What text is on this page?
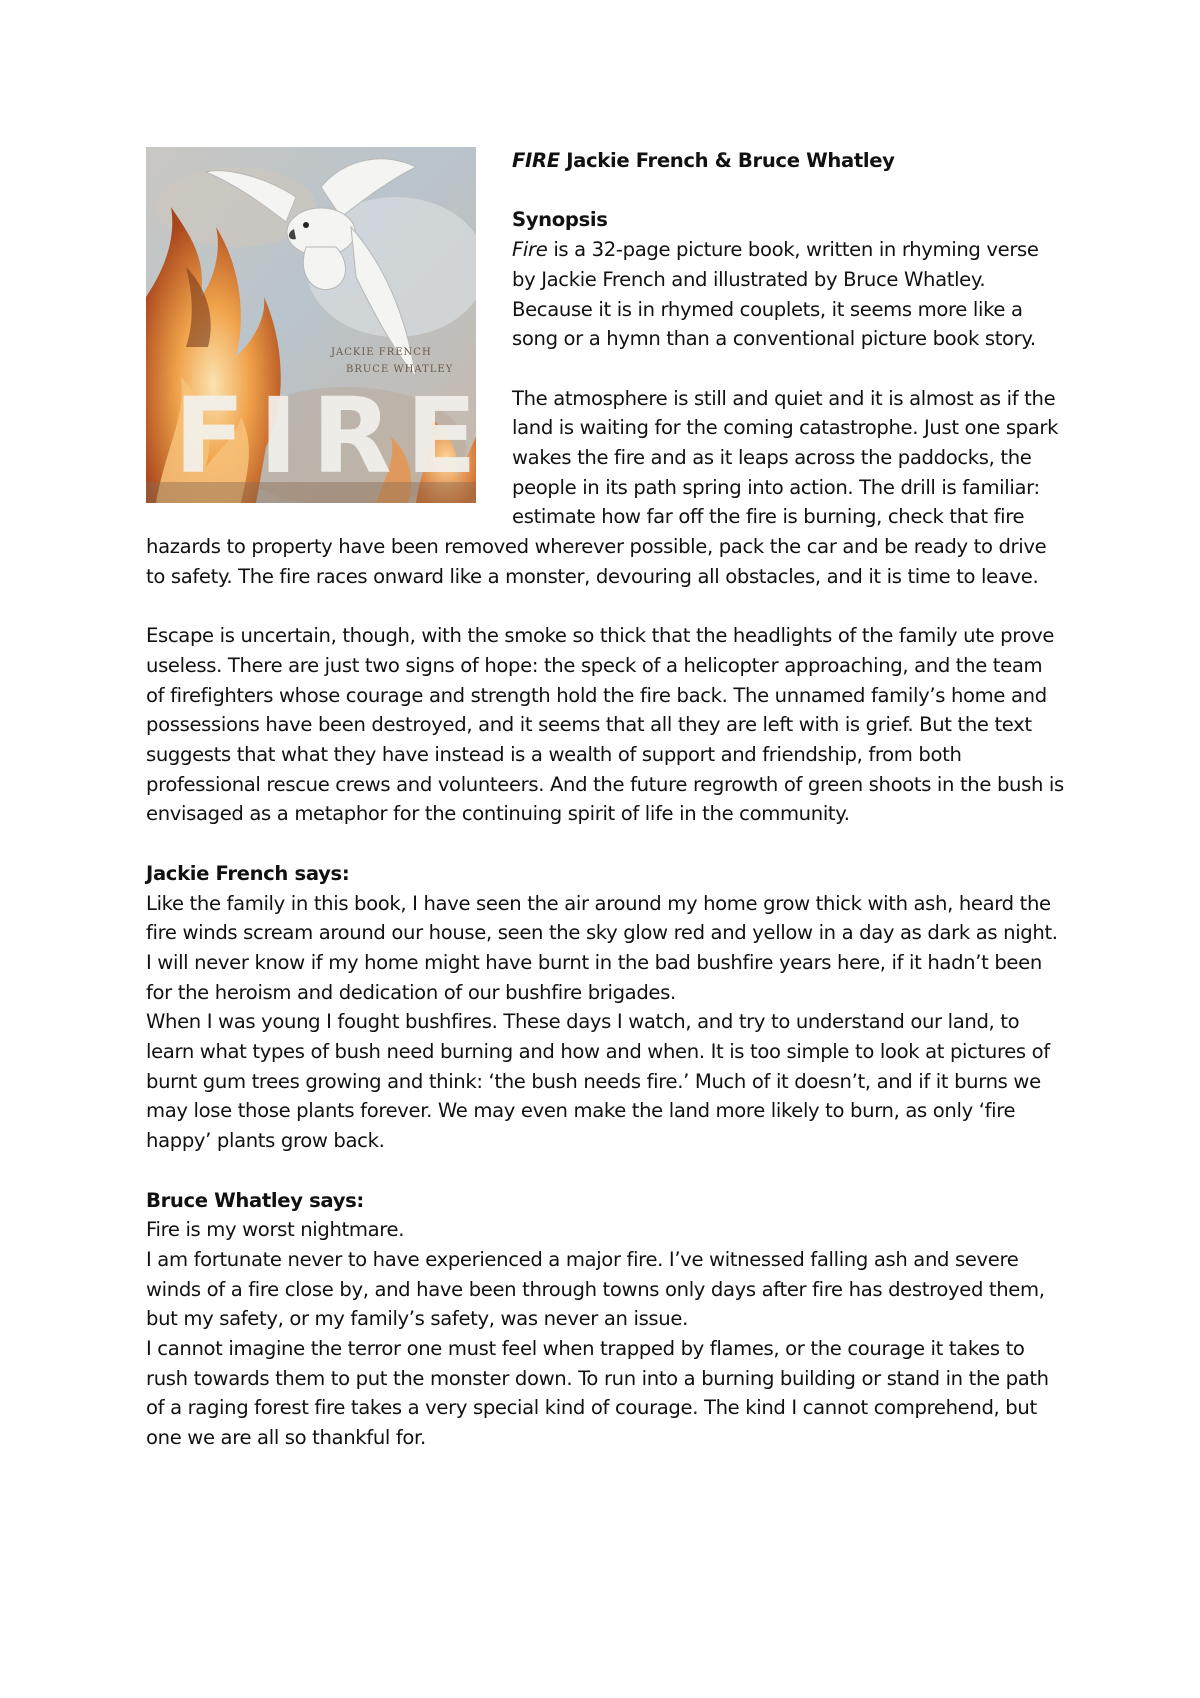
JACKIE FRENCH
BRUCE WHATLEY
FIRE

FIRE Jackie French & Bruce Whatley

Synopsis

Fire is a 32-page picture book, written in rhyming verse by Jackie French and illustrated by Bruce Whatley. Because it is in rhymed couplets, it seems more like a song or a hymn than a conventional picture book story.

The atmosphere is still and quiet and it is almost as if the land is waiting for the coming catastrophe. Just one spark wakes the fire and as it leaps across the paddocks, the people in its path spring into action. The drill is familiar: estimate how far off the fire is burning, check that fire hazards to property have been removed wherever possible, pack the car and be ready to drive to safety. The fire races onward like a monster, devouring all obstacles, and it is time to leave.

Escape is uncertain, though, with the smoke so thick that the headlights of the family ute prove useless. There are just two signs of hope: the speck of a helicopter approaching, and the team of firefighters whose courage and strength hold the fire back. The unnamed family’s home and possessions have been destroyed, and it seems that all they are left with is grief. But the text suggests that what they have instead is a wealth of support and friendship, from both professional rescue crews and volunteers. And the future regrowth of green shoots in the bush is envisaged as a metaphor for the continuing spirit of life in the community.

Jackie French says:

Like the family in this book, I have seen the air around my home grow thick with ash, heard the fire winds scream around our house, seen the sky glow red and yellow in a day as dark as night. I will never know if my home might have burnt in the bad bushfire years here, if it hadn’t been for the heroism and dedication of our bushfire brigades.

When I was young I fought bushfires. These days I watch, and try to understand our land, to learn what types of bush need burning and how and when. It is too simple to look at pictures of burnt gum trees growing and think: ‘the bush needs fire.’ Much of it doesn’t, and if it burns we may lose those plants forever. We may even make the land more likely to burn, as only ‘fire happy’ plants grow back.

Bruce Whatley says:

Fire is my worst nightmare.

I am fortunate never to have experienced a major fire. I’ve witnessed falling ash and severe winds of a fire close by, and have been through towns only days after fire has destroyed them, but my safety, or my family’s safety, was never an issue.

I cannot imagine the terror one must feel when trapped by flames, or the courage it takes to rush towards them to put the monster down. To run into a burning building or stand in the path of a raging forest fire takes a very special kind of courage. The kind I cannot comprehend, but one we are all so thankful for.
